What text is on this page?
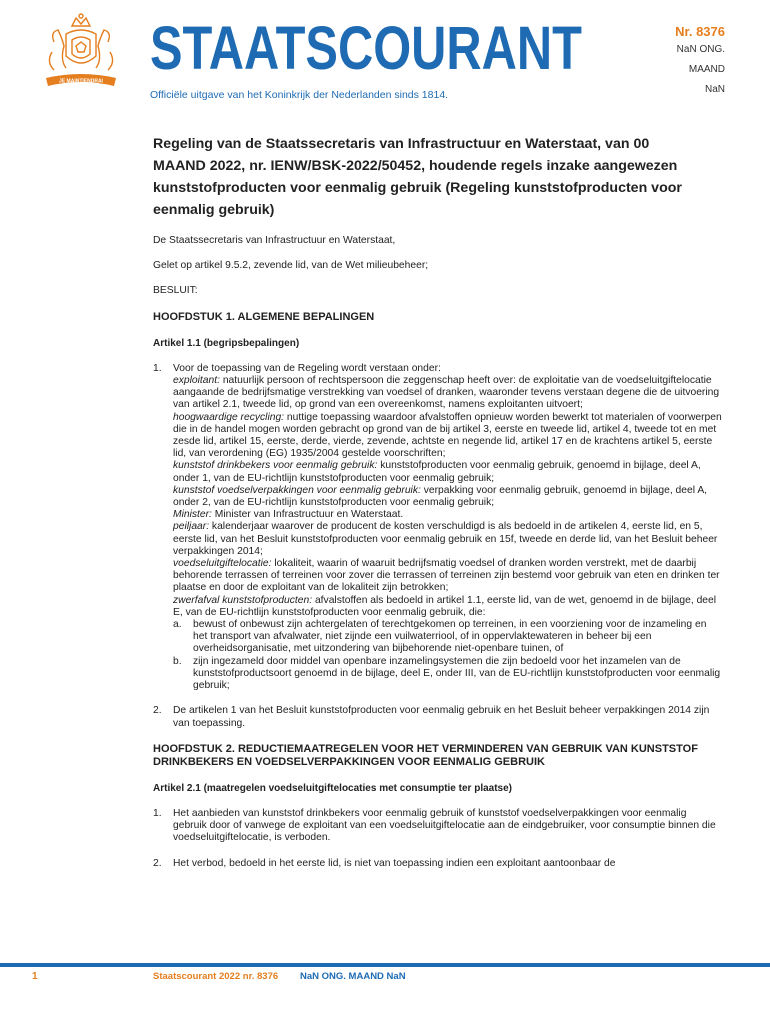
JE MAINTIENDRAI STAATSCOURANT
Officiële uitgave van het Koninkrijk der Nederlanden sinds 1814.
Nr. 8376
NaN ONG.
MAAND
NaN
Regeling van de Staatssecretaris van Infrastructuur en Waterstaat, van 00 MAAND 2022, nr. IENW/BSK-2022/50452, houdende regels inzake aangewezen kunststofproducten voor eenmalig gebruik (Regeling kunststofproducten voor eenmalig gebruik)

De Staatssecretaris van Infrastructuur en Waterstaat,

Gelet op artikel 9.5.2, zevende lid, van de Wet milieubeheer;

BESLUIT:

HOOFDSTUK 1. ALGEMENE BEPALINGEN
Artikel 1.1 (begripsbepalingen)
1.	Voor de toepassing van de Regeling wordt verstaan onder:
exploitant: natuurlijk persoon of rechtspersoon die zeggenschap heeft over: de exploitatie van de voedseluitgiftelocatie aangaande de bedrijfsmatige verstrekking van voedsel of dranken, waaronder tevens verstaan degene die de uitvoering van artikel 2.1, tweede lid, op grond van een overeenkomst, namens exploitanten uitvoert;
hoogwaardige recycling: nuttige toepassing waardoor afvalstoffen opnieuw worden bewerkt tot materialen of voorwerpen die in de handel mogen worden gebracht op grond van de bij artikel 3, eerste en tweede lid, artikel 4, tweede tot en met zesde lid, artikel 15, eerste, derde, vierde, zevende, achtste en negende lid, artikel 17 en de krachtens artikel 5, eerste lid, van verordening (EG) 1935/2004 gestelde voorschriften;
kunststof drinkbekers voor eenmalig gebruik: kunststofproducten voor eenmalig gebruik, genoemd in bijlage, deel A, onder 1, van de EU-richtlijn kunststofproducten voor eenmalig gebruik;
kunststof voedselverpakkingen voor eenmalig gebruik: verpakking voor eenmalig gebruik, genoemd in bijlage, deel A, onder 2, van de EU-richtlijn kunststofproducten voor eenmalig gebruik;
Minister: Minister van Infrastructuur en Waterstaat.
peiljaar: kalenderjaar waarover de producent de kosten verschuldigd is als bedoeld in de artikelen 4, eerste lid, en 5, eerste lid, van het Besluit kunststofproducten voor eenmalig gebruik en 15f, tweede en derde lid, van het Besluit beheer verpakkingen 2014;
voedseluitgiftelocatie: lokaliteit, waarin of waaruit bedrijfsmatig voedsel of dranken worden verstrekt, met de daarbij behorende terrassen of terreinen voor zover die terrassen of terreinen zijn bestemd voor gebruik van eten en drinken ter plaatse en door de exploitant van de lokaliteit zijn betrokken;
zwerfafval kunststofproducten: afvalstoffen als bedoeld in artikel 1.1, eerste lid, van de wet, genoemd in de bijlage, deel E, van de EU-richtlijn kunststofproducten voor eenmalig gebruik, die:
a.	bewust of onbewust zijn achtergelaten of terechtgekomen op terreinen, in een voorziening voor de inzameling en het transport van afvalwater, niet zijnde een vuilwaterriool, of in oppervlaktewateren in beheer bij een overheidsorganisatie, met uitzondering van bijbehorende niet-openbare tuinen, of
b.	zijn ingezameld door middel van openbare inzamelingsystemen die zijn bedoeld voor het inzamelen van de kunststofproductsoort genoemd in de bijlage, deel E, onder III, van de EU-richtlijn kunststofproducten voor eenmalig gebruik;
2.	De artikelen 1 van het Besluit kunststofproducten voor eenmalig gebruik en het Besluit beheer verpakkingen 2014 zijn van toepassing.
HOOFDSTUK 2. REDUCTIEMAATREGELEN VOOR HET VERMINDEREN VAN GEBRUIK VAN KUNSTSTOF DRINKBEKERS EN VOEDSELVERPAKKINGEN VOOR EENMALIG GEBRUIK
Artikel 2.1 (maatregelen voedseluitgiftelocaties met consumptie ter plaatse)
1.	Het aanbieden van kunststof drinkbekers voor eenmalig gebruik of kunststof voedselverpakkingen voor eenmalig gebruik door of vanwege de exploitant van een voedseluitgiftelocatie aan de eindgebruiker, voor consumptie binnen die voedseluitgiftelocatie, is verboden.
2.	Het verbod, bedoeld in het eerste lid, is niet van toepassing indien een exploitant aantoonbaar de
1	Staatscourant 2022 nr. 8376 NaN ONG. MAAND NaN
